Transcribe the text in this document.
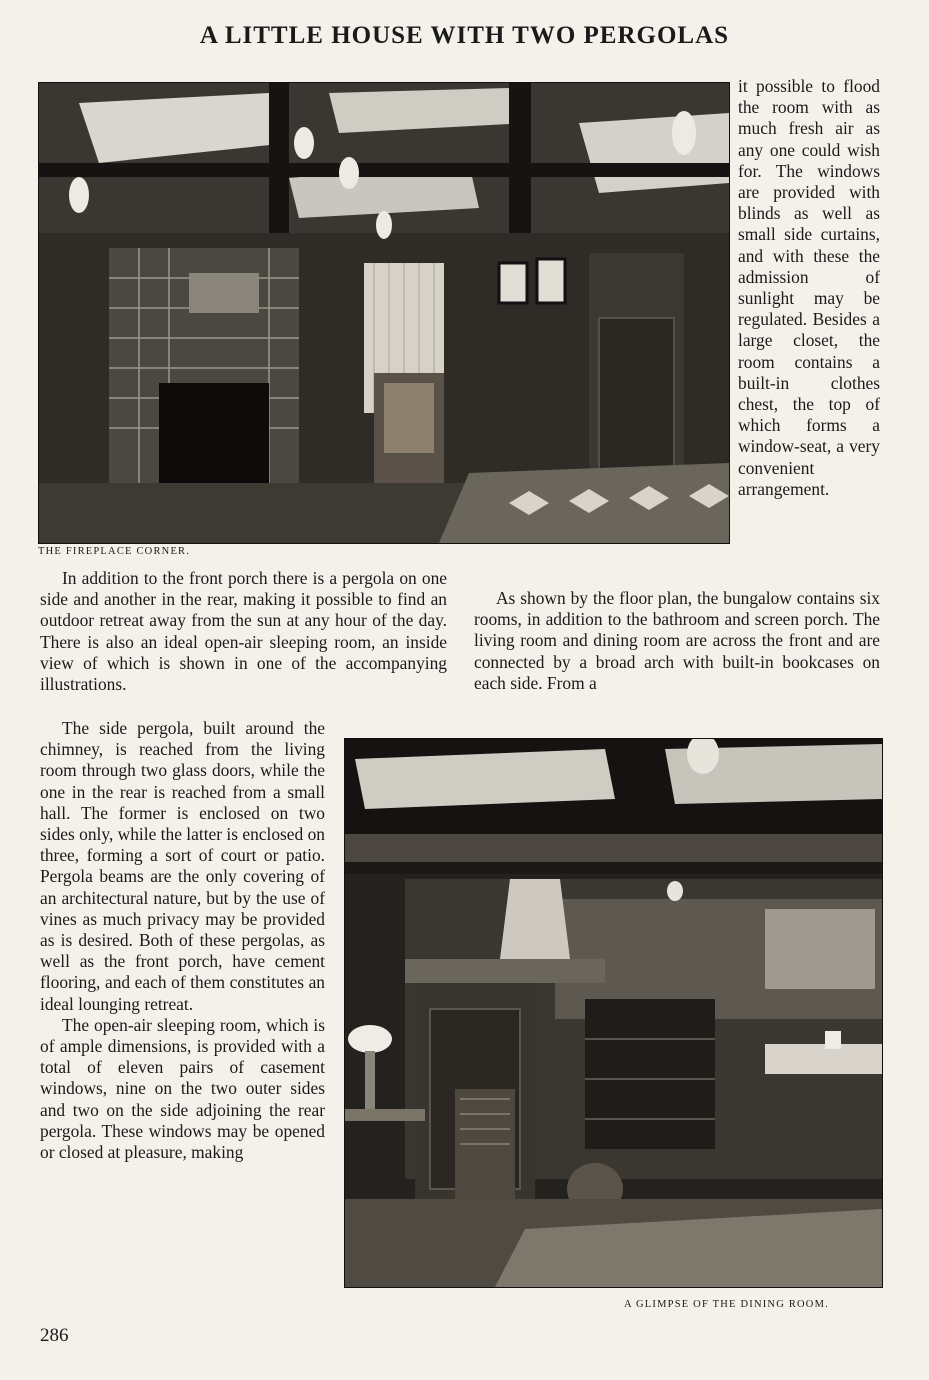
A LITTLE HOUSE WITH TWO PERGOLAS
THE FIREPLACE CORNER.

it possible to flood the room with as much fresh air as any one could wish for. The windows are provided with blinds as well as small side curtains, and with these the admission of sunlight may be regulated. Besides a large closet, the room contains a built-in clothes chest, the top of which forms a window-seat, a very convenient arrangement.

As shown by the floor plan, the bungalow contains six rooms, in addition to the bathroom and screen porch. The living room and dining room are across the front and are connected by a broad arch with built-in bookcases on each side. From a

In addition to the front porch there is a pergola on one side and another in the rear, making it possible to find an outdoor retreat away from the sun at any hour of the day. There is also an ideal open-air sleeping room, an inside view of which is shown in one of the accompanying illustrations.

The side pergola, built around the chimney, is reached from the living room through two glass doors, while the one in the rear is reached from a small hall. The former is enclosed on two sides only, while the latter is enclosed on three, forming a sort of court or patio. Pergola beams are the only covering of an architectural nature, but by the use of vines as much privacy may be provided as is desired. Both of these pergolas, as well as the front porch, have cement flooring, and each of them constitutes an ideal lounging retreat.

The open-air sleeping room, which is of ample dimensions, is provided with a total of eleven pairs of casement windows, nine on the two outer sides and two on the side adjoining the rear pergola. These windows may be opened or closed at pleasure, making

A GLIMPSE OF THE DINING ROOM.
286
